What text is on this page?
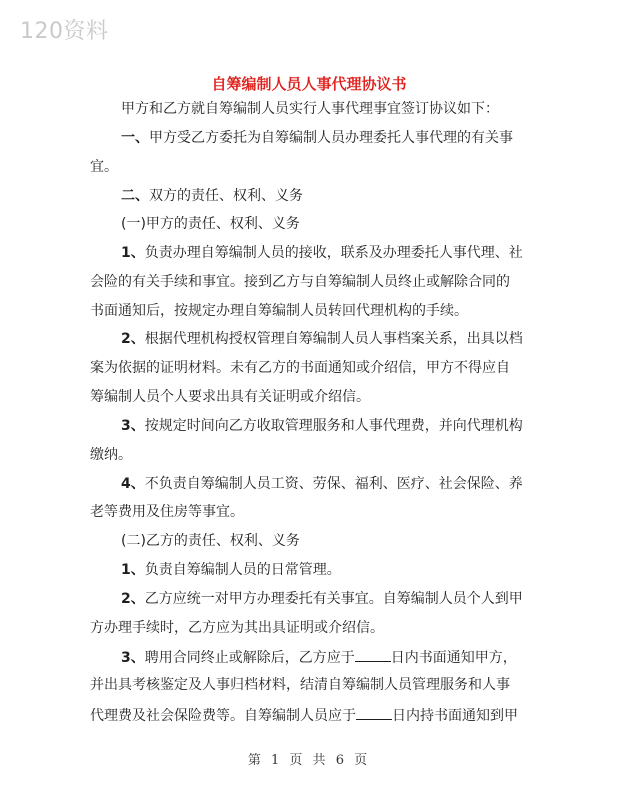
120资料
自筹编制人员人事代理协议书
甲方和乙方就自筹编制人员实行人事代理事宜签订协议如下：
一、甲方受乙方委托为自筹编制人员办理委托人事代理的有关事
宜。
二、双方的责任、权利、义务
(一)甲方的责任、权利、义务
1、负责办理自筹编制人员的接收，联系及办理委托人事代理、社
会险的有关手续和事宜。接到乙方与自筹编制人员终止或解除合同的
书面通知后，按规定办理自筹编制人员转回代理机构的手续。
2、根据代理机构授权管理自筹编制人员人事档案关系，出具以档
案为依据的证明材料。未有乙方的书面通知或介绍信，甲方不得应自
筹编制人员个人要求出具有关证明或介绍信。
3、按规定时间向乙方收取管理服务和人事代理费，并向代理机构
缴纳。
4、不负责自筹编制人员工资、劳保、福利、医疗、社会保险、养
老等费用及住房等事宜。
(二)乙方的责任、权利、义务
1、负责自筹编制人员的日常管理。
2、乙方应统一对甲方办理委托有关事宜。自筹编制人员个人到甲
方办理手续时，乙方应为其出具证明或介绍信。
3、聘用合同终止或解除后，乙方应于	日内书面通知甲方，
并出具考核鉴定及人事归档材料，结清自筹编制人员管理服务和人事
代理费及社会保险费等。自筹编制人员应于	日内持书面通知到甲
第 1 页 共 6 页
